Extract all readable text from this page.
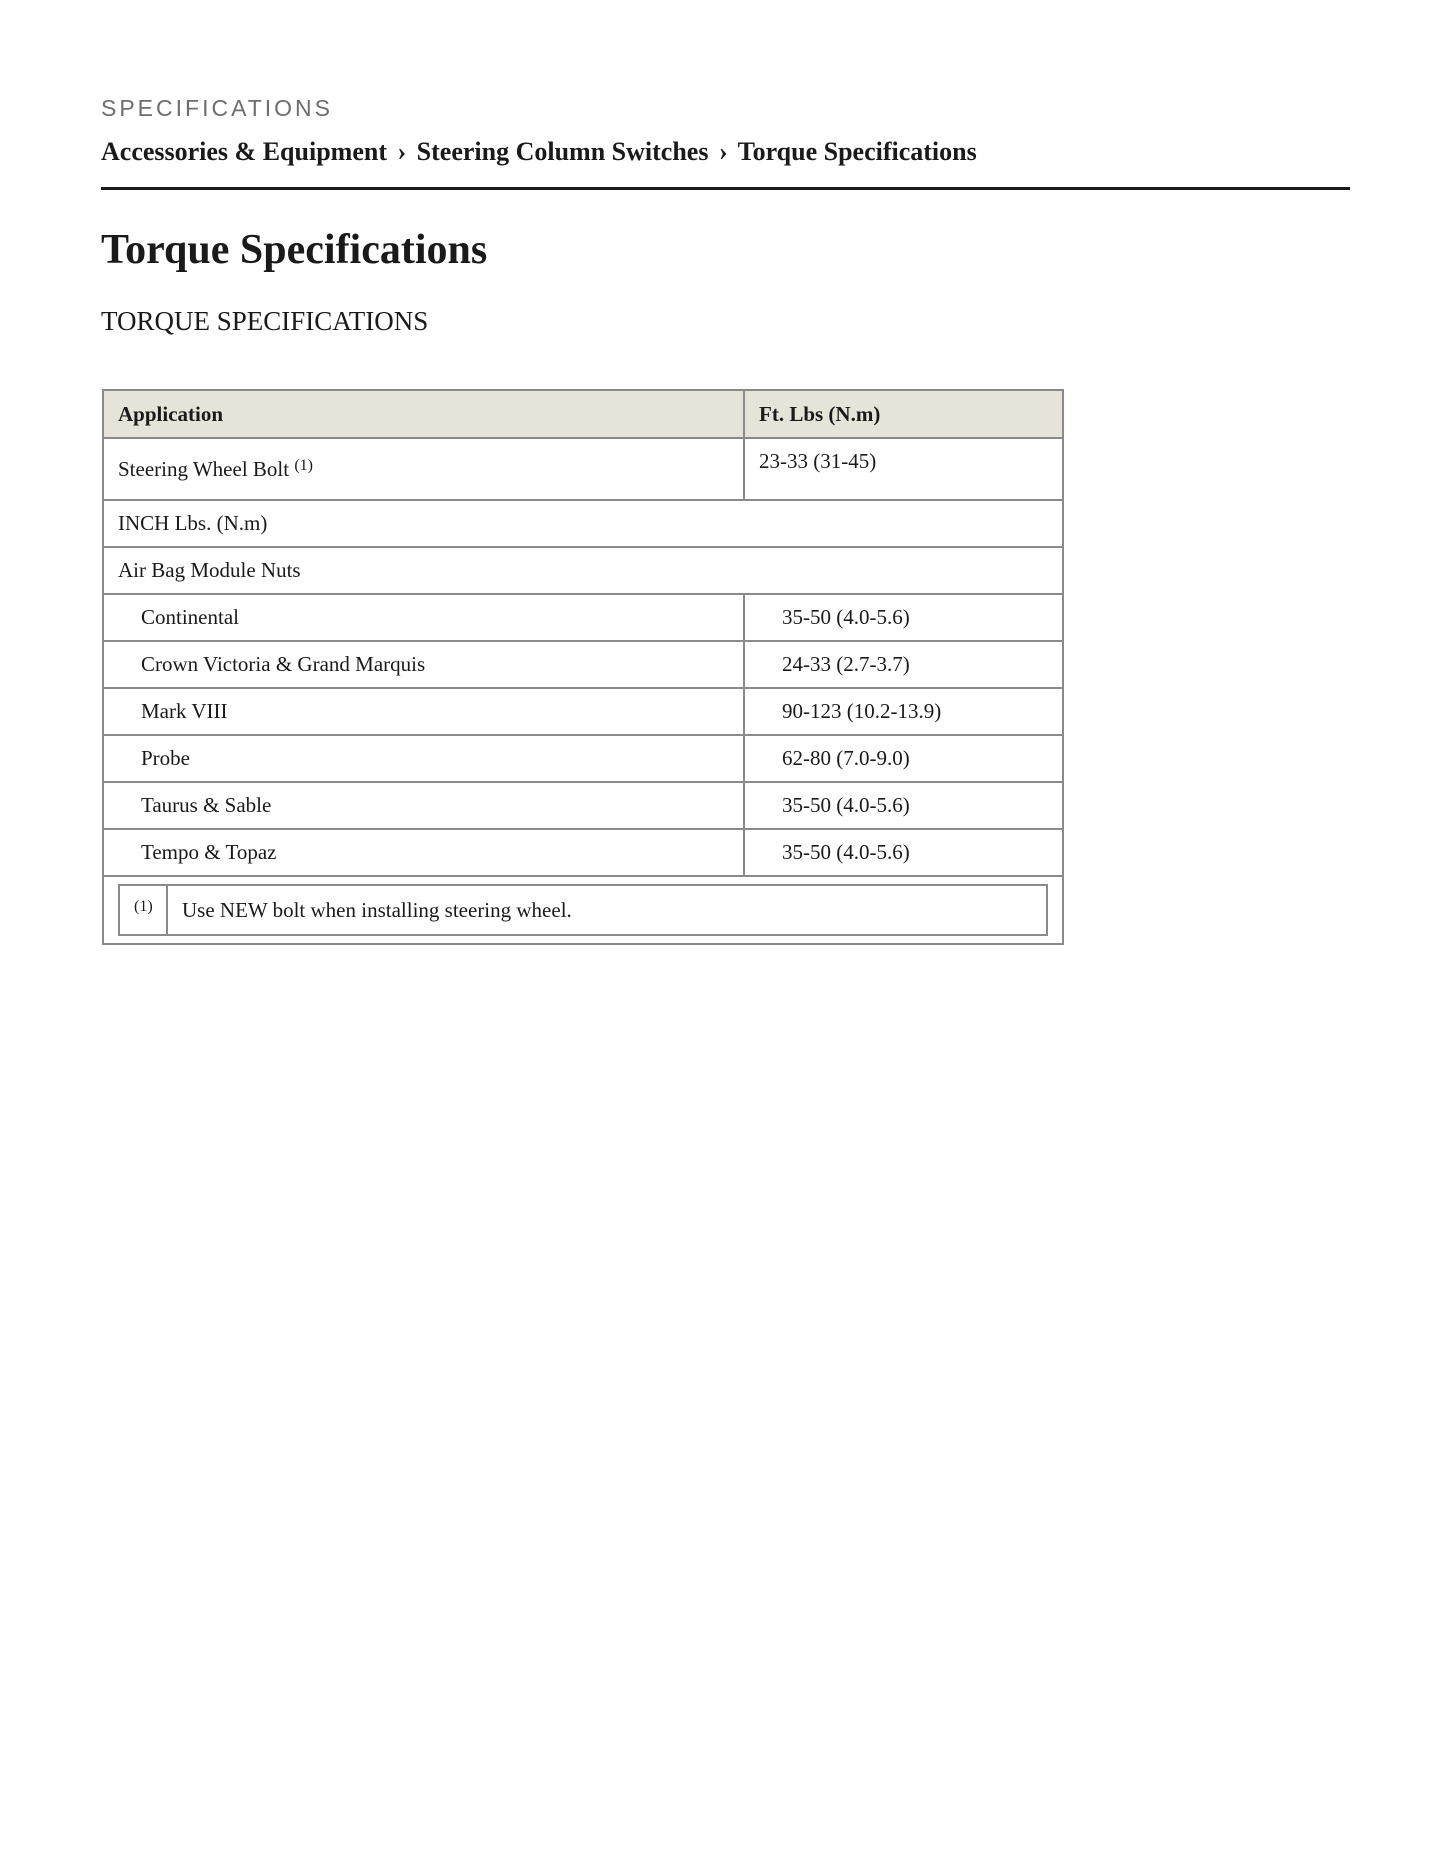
SPECIFICATIONS
Accessories & Equipment › Steering Column Switches › Torque Specifications
Torque Specifications
TORQUE SPECIFICATIONS
Application	Ft. Lbs (N.m)
Steering Wheel Bolt $^{(1)}$	23-33 (31-45)
INCH Lbs. (N.m)
Air Bag Module Nuts
Continental	35-50 (4.0-5.6)
Crown Victoria & Grand Marquis	24-33 (2.7-3.7)
Mark VIII	90-123 (10.2-13.9)
Probe	62-80 (7.0-9.0)
Taurus & Sable	35-50 (4.0-5.6)
Tempo & Topaz	35-50 (4.0-5.6)

(1)	Use NEW bolt when installing steering wheel.
